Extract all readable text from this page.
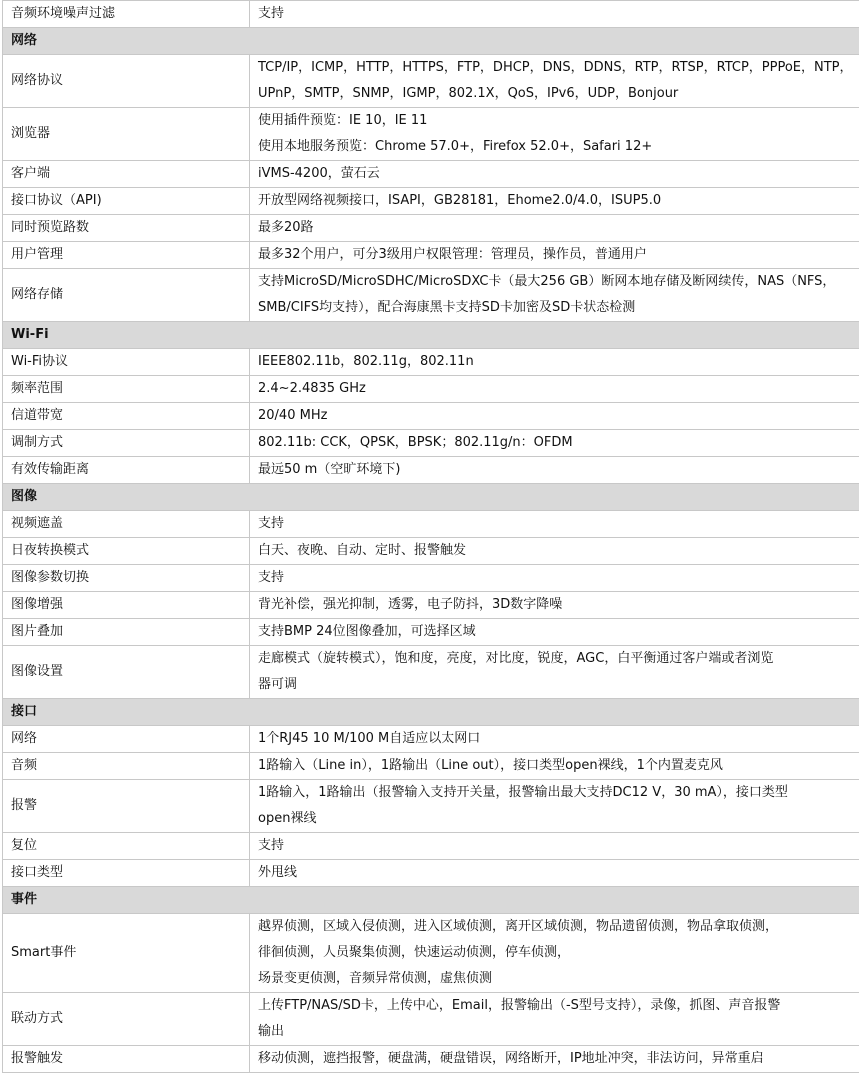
音频环境噪声过滤	支持

网络	
网络协议	TCP/IP，ICMP，HTTP，HTTPS，FTP，DHCP，DNS，DDNS，RTP，RTSP，RTCP，PPPoE，NTP，
UPnP，SMTP，SNMP，IGMP，802.1X，QoS，IPv6，UDP，Bonjour

浏览器	使用插件预览：IE 10，IE 11
使用本地服务预览：Chrome 57.0+，Firefox 52.0+，Safari 12+

客户端	iVMS-4200，萤石云

接口协议（API)	开放型网络视频接口，ISAPI，GB28181，Ehome2.0/4.0，ISUP5.0

同时预览路数	最多20路

用户管理	最多32个用户，可分3级用户权限管理：管理员，操作员，普通用户

网络存储	支持MicroSD/MicroSDHC/MicroSDXC卡（最大256 GB）断网本地存储及断网续传，NAS（NFS，
SMB/CIFS均支持），配合海康黑卡支持SD卡加密及SD卡状态检测

Wi-Fi	
Wi-Fi协议	IEEE802.11b，802.11g，802.11n

频率范围	2.4~2.4835 GHz

信道带宽	20/40 MHz

调制方式	802.11b: CCK，QPSK，BPSK；802.11g/n：OFDM

有效传输距离	最远50 m（空旷环境下)

图像	
视频遮盖	支持

日夜转换模式	白天、夜晚、自动、定时、报警触发

图像参数切换	支持

图像增强	背光补偿，强光抑制，透雾，电子防抖，3D数字降噪

图片叠加	支持BMP 24位图像叠加，可选择区域

图像设置	走廊模式（旋转模式），饱和度，亮度，对比度，锐度，AGC，白平衡通过客户端或者浏览
器可调

接口	
网络	1个RJ45 10 M/100 M自适应以太网口

音频	1路输入（Line in），1路输出（Line out），接口类型open裸线，1个内置麦克风

报警	1路输入，1路输出（报警输入支持开关量，报警输出最大支持DC12 V，30 mA），接口类型
open裸线

复位	支持

接口类型	外甩线

事件	
Smart事件	越界侦测，区域入侵侦测，进入区域侦测，离开区域侦测，物品遗留侦测，物品拿取侦测，
徘徊侦测，人员聚集侦测，快速运动侦测，停车侦测，
场景变更侦测，音频异常侦测，虚焦侦测

联动方式	上传FTP/NAS/SD卡，上传中心，Email，报警输出（-S型号支持），录像，抓图、声音报警
输出

报警触发	移动侦测，遮挡报警，硬盘满，硬盘错误，网络断开，IP地址冲突，非法访问，异常重启
